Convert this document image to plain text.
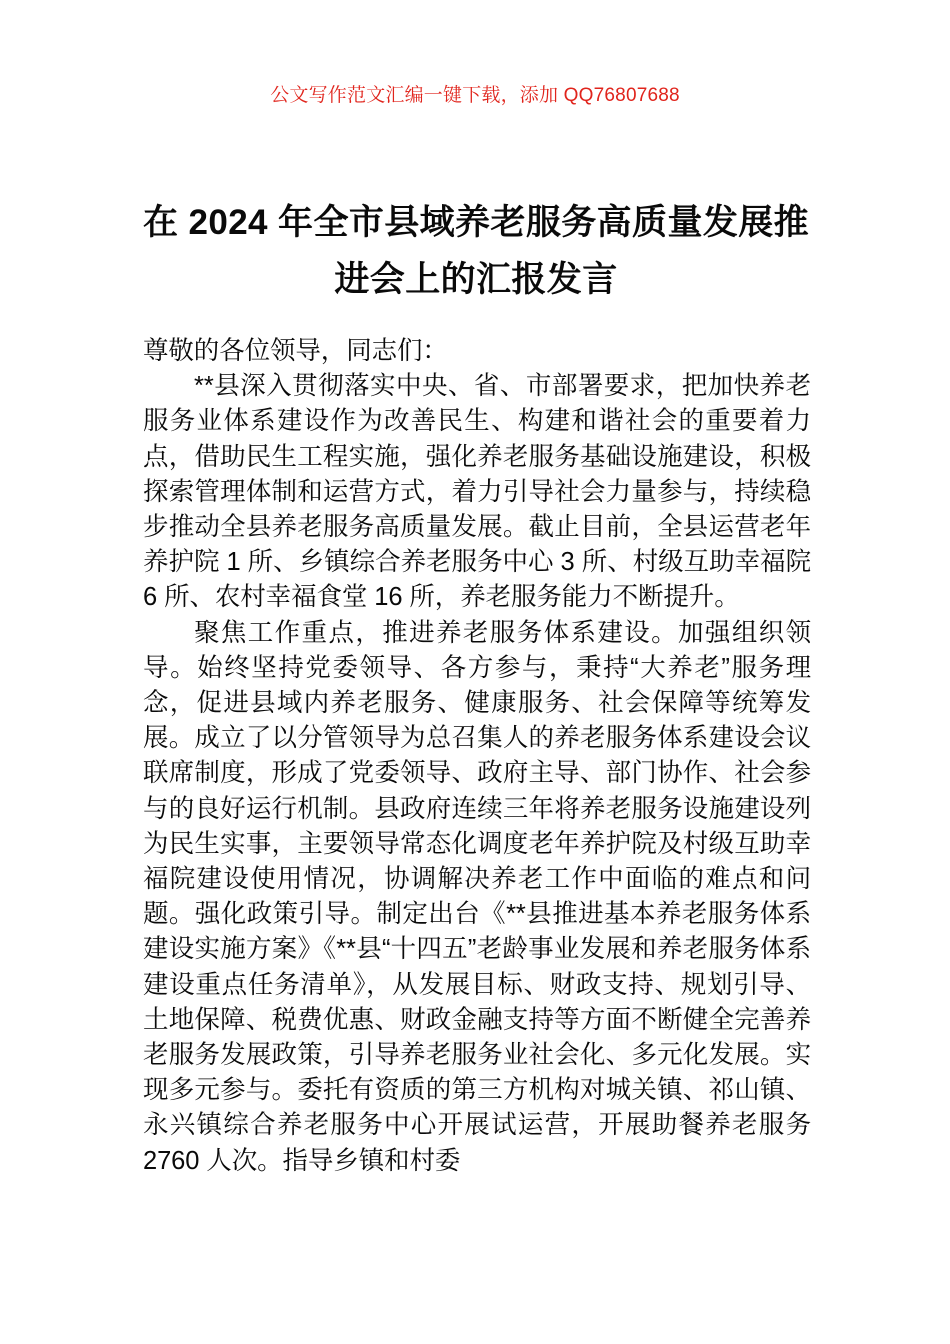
公文写作范文汇编一键下载，添加 QQ76807688
在 2024 年全市县域养老服务高质量发展推进会上的汇报发言

尊敬的各位领导，同志们：

**县深入贯彻落实中央、省、市部署要求，把加快养老服务业体系建设作为改善民生、构建和谐社会的重要着力点，借助民生工程实施，强化养老服务基础设施建设，积极探索管理体制和运营方式，着力引导社会力量参与，持续稳步推动全县养老服务高质量发展。截止目前，全县运营老年养护院 1 所、乡镇综合养老服务中心 3 所、村级互助幸福院 6 所、农村幸福食堂 16 所，养老服务能力不断提升。

聚焦工作重点，推进养老服务体系建设。加强组织领导。始终坚持党委领导、各方参与，秉持“大养老”服务理念，促进县域内养老服务、健康服务、社会保障等统筹发展。成立了以分管领导为总召集人的养老服务体系建设会议联席制度，形成了党委领导、政府主导、部门协作、社会参与的良好运行机制。县政府连续三年将养老服务设施建设列为民生实事，主要领导常态化调度老年养护院及村级互助幸福院建设使用情况，协调解决养老工作中面临的难点和问题。强化政策引导。制定出台《**县推进基本养老服务体系建设实施方案》《**县“十四五”老龄事业发展和养老服务体系建设重点任务清单》，从发展目标、财政支持、规划引导、土地保障、税费优惠、财政金融支持等方面不断健全完善养老服务发展政策，引导养老服务业社会化、多元化发展。实现多元参与。委托有资质的第三方机构对城关镇、祁山镇、永兴镇综合养老服务中心开展试运营，开展助餐养老服务 2760 人次。指导乡镇和村委
